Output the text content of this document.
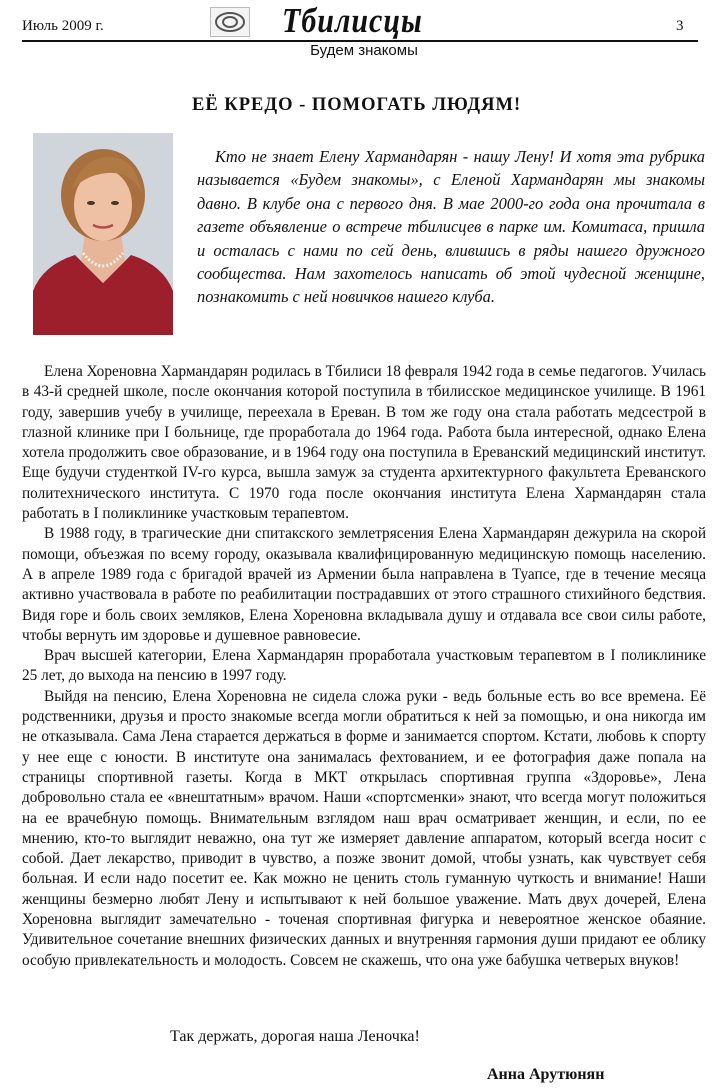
Июль 2009 г.	Тбилисцы	3
Будем знакомы
ЕЁ КРЕДО - ПОМОГАТЬ ЛЮДЯМ!

Кто не знает Елену Хармандарян - нашу Лену! И хотя эта рубрика называется «Будем знакомы», с Еленой Хармандарян мы знакомы давно. В клубе она с первого дня. В мае 2000-го года она прочитала в газете объявление о встрече тбилисцев в парке им. Комитаса, пришла и осталась с нами по сей день, влившись в ряды нашего дружного сообщества. Нам захотелось написать об этой чудесной женщине, познакомить с ней новичков нашего клуба.

Елена Хореновна Хармандарян родилась в Тбилиси 18 февраля 1942 года в семье педагогов. Училась в 43-й средней школе, после окончания которой поступила в тбилисское медицинское училище. В 1961 году, завершив учебу в училище, переехала в Ереван. В том же году она стала работать медсестрой в глазной клинике при I больнице, где проработала до 1964 года. Работа была интересной, однако Елена хотела продолжить свое образование, и в 1964 году она поступила в Ереванский медицинский институт. Еще будучи студенткой IV-го курса, вышла замуж за студента архитектурного факультета Ереванского политехнического института. С 1970 года после окончания института Елена Хармандарян стала работать в I поликлинике участковым терапевтом.

В 1988 году, в трагические дни спитакского землетрясения Елена Хармандарян дежурила на скорой помощи, объезжая по всему городу, оказывала квалифицированную медицинскую помощь населению. А в апреле 1989 года с бригадой врачей из Армении была направлена в Туапсе, где в течение месяца активно участвовала в работе по реабилитации пострадавших от этого страшного стихийного бедствия. Видя горе и боль своих земляков, Елена Хореновна вкладывала душу и отдавала все свои силы работе, чтобы вернуть им здоровье и душевное равновесие.

Врач высшей категории, Елена Хармандарян проработала участковым терапевтом в I поликлинике 25 лет, до выхода на пенсию в 1997 году.

Выйдя на пенсию, Елена Хореновна не сидела сложа руки - ведь больные есть во все времена. Её родственники, друзья и просто знакомые всегда могли обратиться к ней за помощью, и она никогда им не отказывала. Сама Лена старается держаться в форме и занимается спортом. Кстати, любовь к спорту у нее еще с юности. В институте она занималась фехтованием, и ее фотография даже попала на страницы спортивной газеты. Когда в МКТ открылась спортивная группа «Здоровье», Лена добровольно стала ее «внештатным» врачом. Наши «спортсменки» знают, что всегда могут положиться на ее врачебную помощь. Внимательным взглядом наш врач осматривает женщин, и если, по ее мнению, кто-то выглядит неважно, она тут же измеряет давление аппаратом, который всегда носит с собой. Дает лекарство, приводит в чувство, а позже звонит домой, чтобы узнать, как чувствует себя больная. И если надо посетит ее. Как можно не ценить столь гуманную чуткость и внимание! Наши женщины безмерно любят Лену и испытывают к ней большое уважение. Мать двух дочерей, Елена Хореновна выглядит замечательно - точеная спортивная фигурка и невероятное женское обаяние. Удивительное сочетание внешних физических данных и внутренняя гармония души придают ее облику особую привлекательность и молодость. Совсем не скажешь, что она уже бабушка четверых внуков!

Так держать, дорогая наша Леночка!
Анна Арутюнян
